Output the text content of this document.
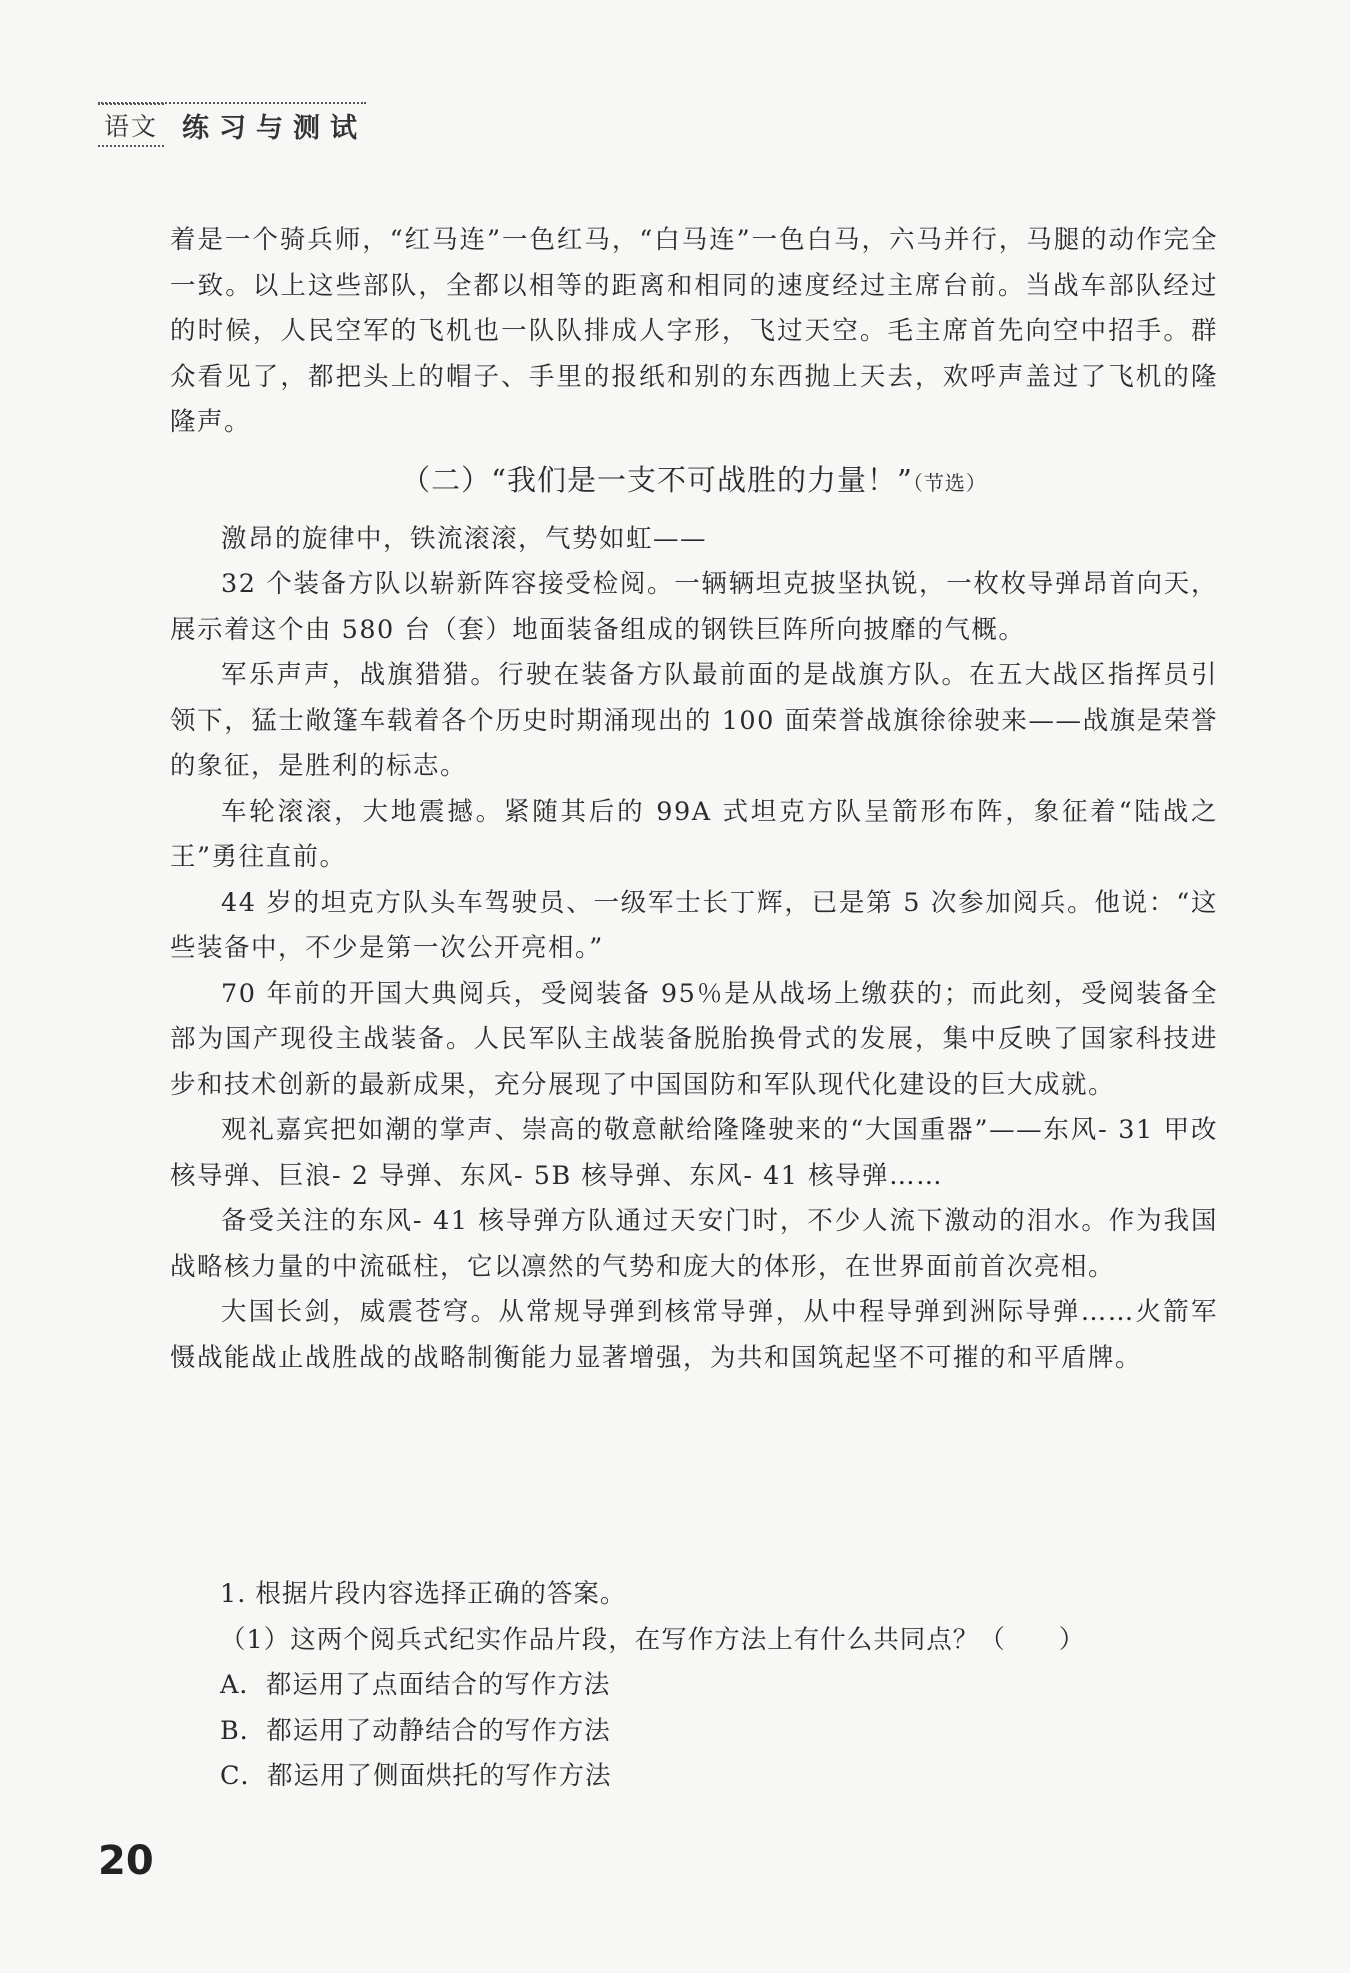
语文 练习与测试

着是一个骑兵师，“红马连”一色红马，“白马连”一色白马，六马并行，马腿的动作完全一致。以上这些部队，全都以相等的距离和相同的速度经过主席台前。当战车部队经过的时候，人民空军的飞机也一队队排成人字形，飞过天空。毛主席首先向空中招手。群众看见了，都把头上的帽子、手里的报纸和别的东西抛上天去，欢呼声盖过了飞机的隆隆声。

（二）“我们是一支不可战胜的力量！”（节选）

激昂的旋律中，铁流滚滚，气势如虹——

32 个装备方队以崭新阵容接受检阅。一辆辆坦克披坚执锐，一枚枚导弹昂首向天，展示着这个由 580 台（套）地面装备组成的钢铁巨阵所向披靡的气概。

军乐声声，战旗猎猎。行驶在装备方队最前面的是战旗方队。在五大战区指挥员引领下，猛士敞篷车载着各个历史时期涌现出的 100 面荣誉战旗徐徐驶来——战旗是荣誉的象征，是胜利的标志。

车轮滚滚，大地震撼。紧随其后的 99A 式坦克方队呈箭形布阵，象征着“陆战之王”勇往直前。

44 岁的坦克方队头车驾驶员、一级军士长丁辉，已是第 5 次参加阅兵。他说：“这些装备中，不少是第一次公开亮相。”

70 年前的开国大典阅兵，受阅装备 95％是从战场上缴获的；而此刻，受阅装备全部为国产现役主战装备。人民军队主战装备脱胎换骨式的发展，集中反映了国家科技进步和技术创新的最新成果，充分展现了中国国防和军队现代化建设的巨大成就。

观礼嘉宾把如潮的掌声、崇高的敬意献给隆隆驶来的“大国重器”——东风- 31 甲改核导弹、巨浪- 2 导弹、东风- 5B 核导弹、东风- 41 核导弹……

备受关注的东风- 41 核导弹方队通过天安门时，不少人流下激动的泪水。作为我国战略核力量的中流砥柱，它以凛然的气势和庞大的体形，在世界面前首次亮相。

大国长剑，威震苍穹。从常规导弹到核常导弹，从中程导弹到洲际导弹……火箭军慑战能战止战胜战的战略制衡能力显著增强，为共和国筑起坚不可摧的和平盾牌。

1. 根据片段内容选择正确的答案。

（1）这两个阅兵式纪实作品片段，在写作方法上有什么共同点？（　　）

A．都运用了点面结合的写作方法

B．都运用了动静结合的写作方法

C．都运用了侧面烘托的写作方法

20
